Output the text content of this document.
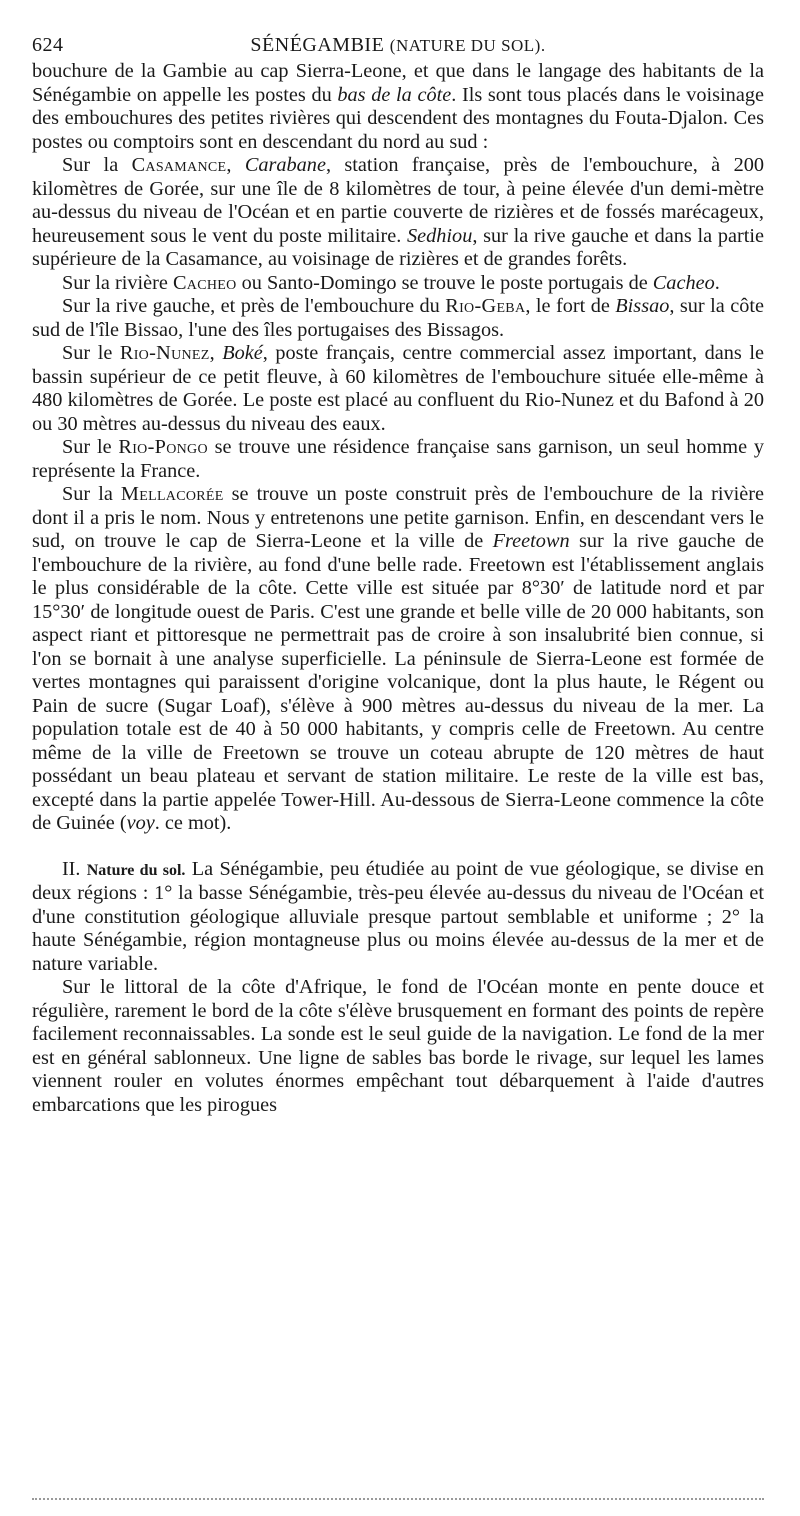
624	SÉNÉGAMBIE (NATURE DU SOL).

bouchure de la Gambie au cap Sierra-Leone, et que dans le langage des habitants de la Sénégambie on appelle les postes du bas de la côte. Ils sont tous placés dans le voisinage des embouchures des petites rivières qui descendent des montagnes du Fouta-Djalon. Ces postes ou comptoirs sont en descendant du nord au sud :

Sur la Casamance, Carabane, station française, près de l'embouchure, à 200 kilomètres de Gorée, sur une île de 8 kilomètres de tour, à peine élevée d'un demi-mètre au-dessus du niveau de l'Océan et en partie couverte de rizières et de fossés marécageux, heureusement sous le vent du poste militaire. Sedhiou, sur la rive gauche et dans la partie supérieure de la Casamance, au voisinage de rizières et de grandes forêts.

Sur la rivière Cacheo ou Santo-Domingo se trouve le poste portugais de Cacheo.

Sur la rive gauche, et près de l'embouchure du Rio-Geba, le fort de Bissao, sur la côte sud de l'île Bissao, l'une des îles portugaises des Bissagos.

Sur le Rio-Nunez, Boké, poste français, centre commercial assez important, dans le bassin supérieur de ce petit fleuve, à 60 kilomètres de l'embouchure située elle-même à 480 kilomètres de Gorée. Le poste est placé au confluent du Rio-Nunez et du Bafond à 20 ou 30 mètres au-dessus du niveau des eaux.

Sur le Rio-Pongo se trouve une résidence française sans garnison, un seul homme y représente la France.

Sur la Mellacorée se trouve un poste construit près de l'embouchure de la rivière dont il a pris le nom. Nous y entretenons une petite garnison. Enfin, en descendant vers le sud, on trouve le cap de Sierra-Leone et la ville de Freetown sur la rive gauche de l'embouchure de la rivière, au fond d'une belle rade. Freetown est l'établissement anglais le plus considérable de la côte. Cette ville est située par 8°30′ de latitude nord et par 15°30′ de longitude ouest de Paris. C'est une grande et belle ville de 20 000 habitants, son aspect riant et pittoresque ne permettrait pas de croire à son insalubrité bien connue, si l'on se bornait à une analyse superficielle. La péninsule de Sierra-Leone est formée de vertes montagnes qui paraissent d'origine volcanique, dont la plus haute, le Régent ou Pain de sucre (Sugar Loaf), s'élève à 900 mètres au-dessus du niveau de la mer. La population totale est de 40 à 50 000 habitants, y compris celle de Freetown. Au centre même de la ville de Freetown se trouve un coteau abrupte de 120 mètres de haut possédant un beau plateau et servant de station militaire. Le reste de la ville est bas, excepté dans la partie appelée Tower-Hill. Au-dessous de Sierra-Leone commence la côte de Guinée (voy. ce mot).

II. Nature du sol. La Sénégambie, peu étudiée au point de vue géologique, se divise en deux régions : 1° la basse Sénégambie, très-peu élevée au-dessus du niveau de l'Océan et d'une constitution géologique alluviale presque partout semblable et uniforme ; 2° la haute Sénégambie, région montagneuse plus ou moins élevée au-dessus de la mer et de nature variable.

Sur le littoral de la côte d'Afrique, le fond de l'Océan monte en pente douce et régulière, rarement le bord de la côte s'élève brusquement en formant des points de repère facilement reconnaissables. La sonde est le seul guide de la navigation. Le fond de la mer est en général sablonneux. Une ligne de sables bas borde le rivage, sur lequel les lames viennent rouler en volutes énormes empêchant tout débarquement à l'aide d'autres embarcations que les pirogues
